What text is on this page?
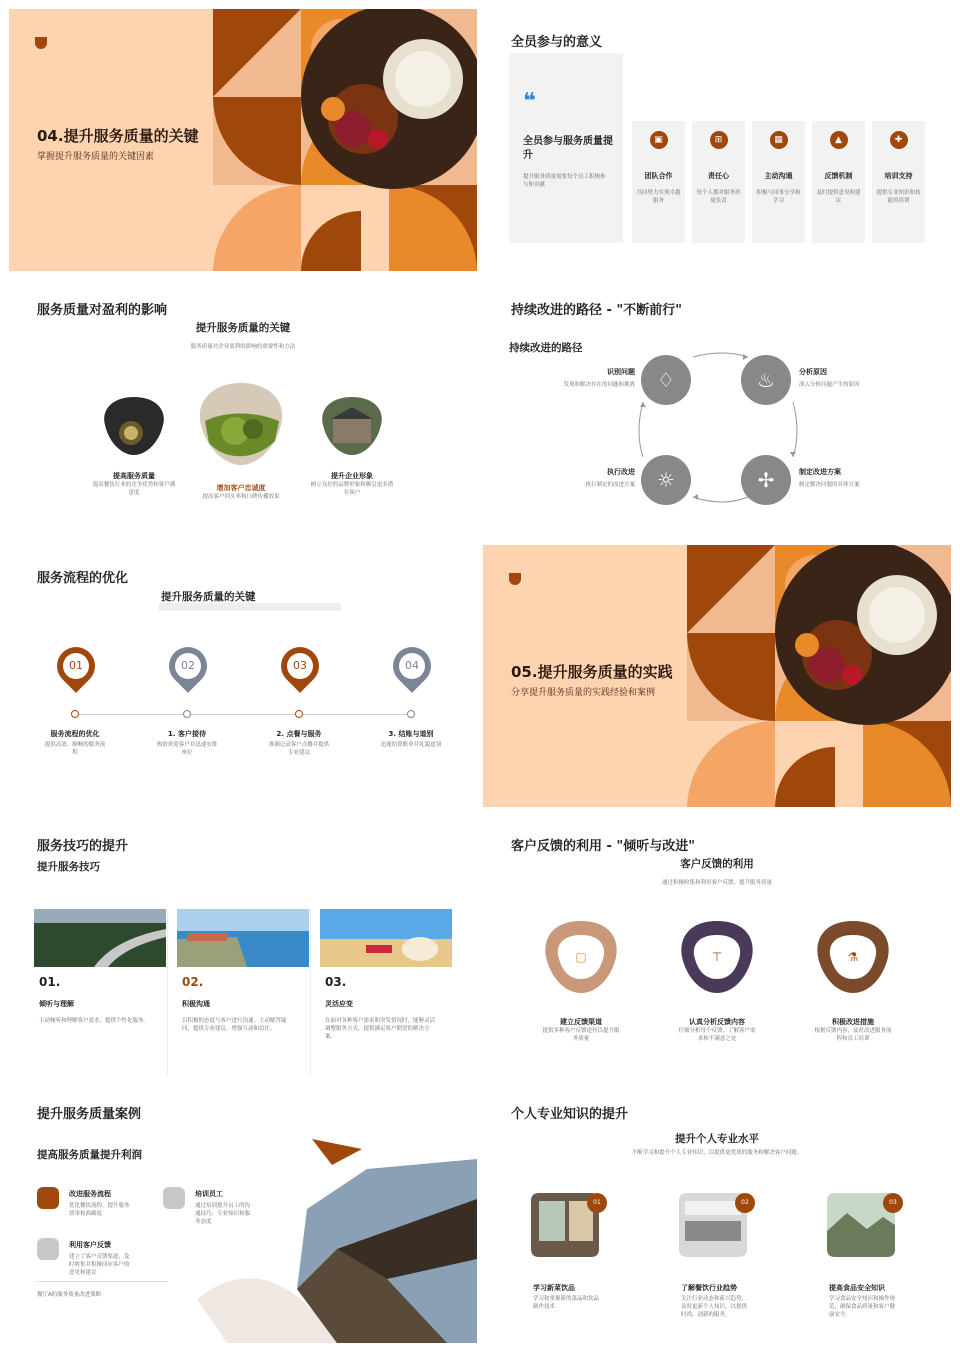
04.提升服务质量的关键
掌握提升服务质量的关键因素
全员参与的意义
❝
全员参与服务质量提升
提升服务质量需要每个员工积极参与和贡献
▣
团队合作
共同努力实现卓越服务
⊞
责任心
每个人都对服务质量负责
▦
主动沟通
积极与同事分享和学习
▲
反馈机制
及时提供意见和建议
✚
培训支持
提供专业知识和技能的培训
服务质量对盈利的影响
提升服务质量的关键
服务质量对企业盈利的影响的重要性和方法
提高服务质量
提高餐饮行业的竞争优势和客户满意度
增加客户忠诚度
提高客户回头率和口碑传播效果
提升企业形象
树立良好的品牌形象和吸引更多潜在客户
持续改进的路径 - "不断前行"
持续改进的路径
♢	♨
✢
☼
识别问题
发现和解决存在的问题和挑战
分析原因
深入分析问题产生的原因
制定改进方案
制定解决问题的具体方案
执行改进
执行制定的改进方案
服务流程的优化
提升服务质量的关键
01
服务流程的优化
提供高效、顺畅的服务流程
02
1. 客户接待
热情欢迎客户并迅速安排座位
03
2. 点餐与服务
准确记录客户点餐并提供专业建议
04
3. 结账与道别
迅速结算账单并礼貌道别
05.提升服务质量的实践
分享提升服务质量的实践经验和案例
服务技巧的提升
提升服务技巧
01.
倾听与理解
主动倾听和理解客户需求，提供个性化服务。
02.
积极沟通
以积极的态度与客户进行沟通，主动解答疑问，提供专业建议，增强互动和信任。
03.
灵活应变
在面对各种客户需求和突发情况时，能够灵活调整服务方式，提供满足客户期望的解决方案。
客户反馈的利用 - "倾听与改进"
客户反馈的利用
通过积极收集和利用客户反馈，提升服务质量
▢
建立反馈渠道
提供多种客户反馈途径以提升服务质量
⊤
认真分析反馈内容
仔细分析每个反馈，了解客户需求和不满意之处
⚗
积极改进措施
根据反馈内容，及时改进服务流程和员工培训
提升服务质量案例
提高服务质量提升利润
改进服务流程
优化餐饮流程，提升服务效率和准确度
培训员工
通过培训提升员工的沟通技巧、专业知识和服务态度
利用客户反馈
建立了客户反馈渠道，及时收集并积极回应客户的意见和建议
餐厅A的服务质量改进策略
个人专业知识的提升
提升个人专业水平
不断学习和提升个人专业知识，以提供更优质的服务和解决客户问题。
01
学习新菜饮品
学习和掌握新的菜品和饮品制作技术
02
了解餐饮行业趋势
关注行业动态和新兴趋势，及时更新个人知识，以提供时尚、创新的服务。
03
提高食品安全知识
学习食品安全知识和操作规范，确保食品质量和客户健康安全。
